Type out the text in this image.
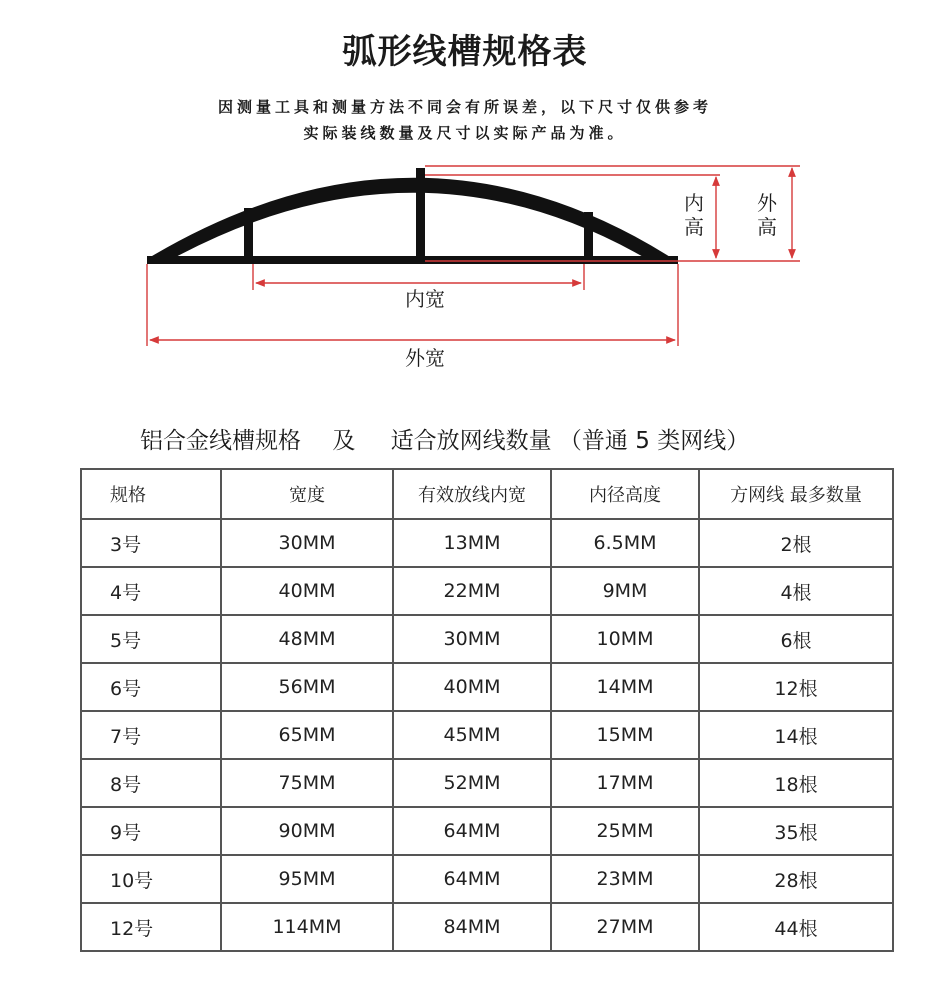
弧形线槽规格表
因测量工具和测量方法不同会有所误差，以下尺寸仅供参考
实际装线数量及尺寸以实际产品为准。
内
高
外
高
内宽
外宽
铝合金线槽规格 及 适合放网线数量 （普通 5 类网线）
规格	宽度	有效放线内宽	内径高度	方网线 最多数量
3号	30MM	13MM	6.5MM	2根
4号	40MM	22MM	9MM	4根
5号	48MM	30MM	10MM	6根
6号	56MM	40MM	14MM	12根
7号	65MM	45MM	15MM	14根
8号	75MM	52MM	17MM	18根
9号	90MM	64MM	25MM	35根
10号	95MM	64MM	23MM	28根
12号	114MM	84MM	27MM	44根
